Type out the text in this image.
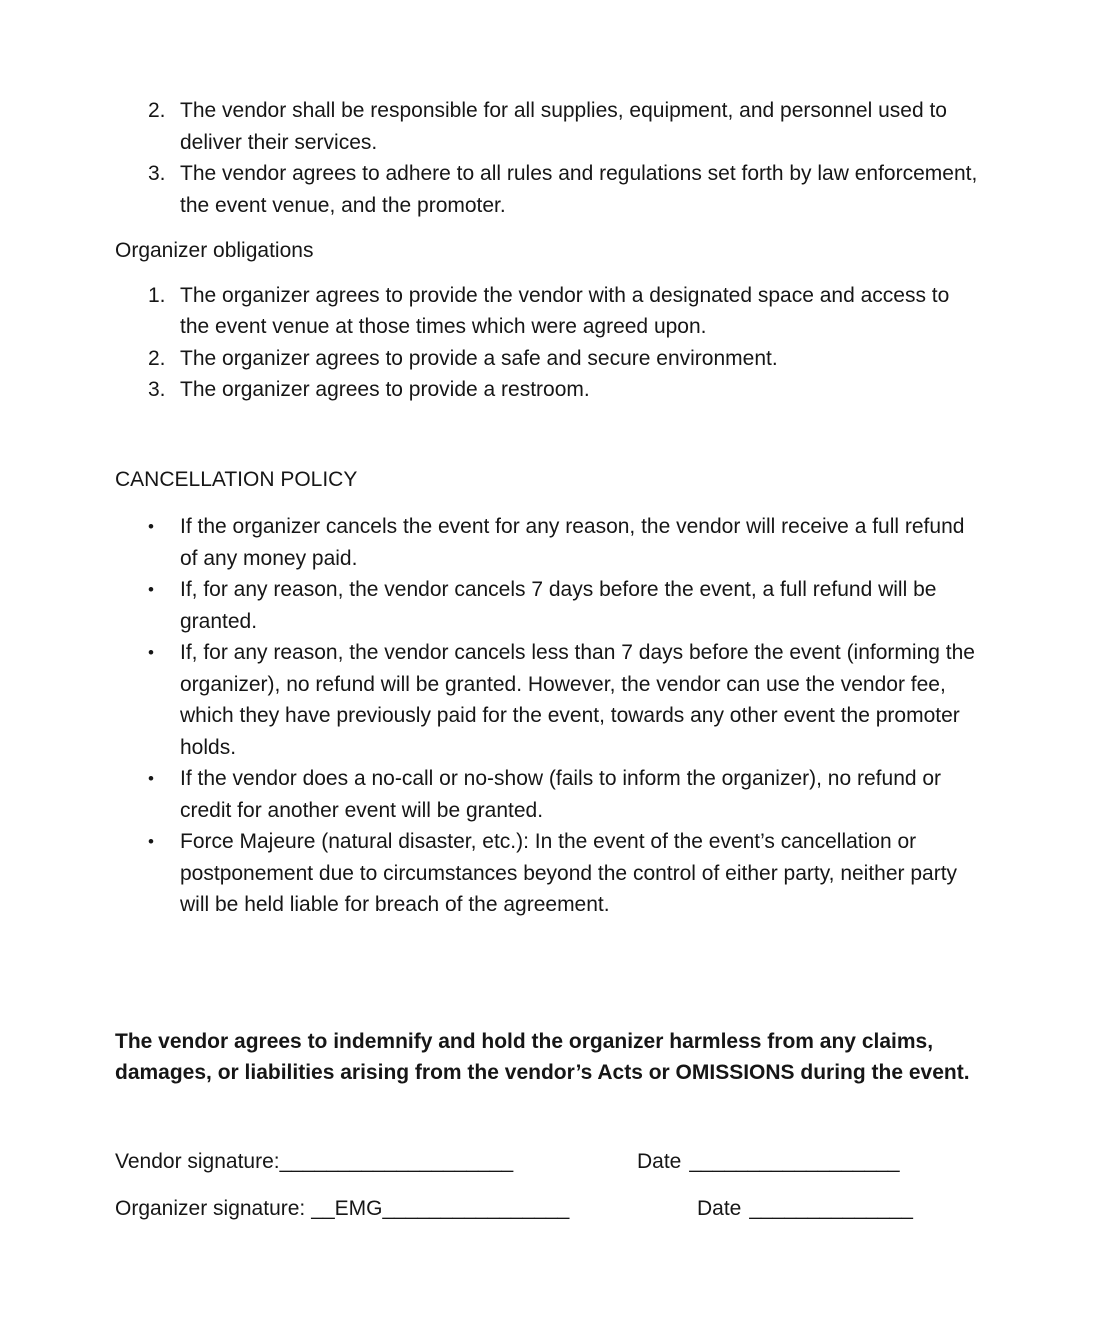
2. The vendor shall be responsible for all supplies, equipment, and personnel used to deliver their services.
3. The vendor agrees to adhere to all rules and regulations set forth by law enforcement, the event venue, and the promoter.

Organizer obligations

1. The organizer agrees to provide the vendor with a designated space and access to the event venue at those times which were agreed upon.
2. The organizer agrees to provide a safe and secure environment.
3. The organizer agrees to provide a restroom.

CANCELLATION POLICY

•	If the organizer cancels the event for any reason, the vendor will receive a full refund of any money paid.
•	If, for any reason, the vendor cancels 7 days before the event, a full refund will be granted.
•	If, for any reason, the vendor cancels less than 7 days before the event (informing the organizer), no refund will be granted. However, the vendor can use the vendor fee, which they have previously paid for the event, towards any other event the promoter holds.
•	If the vendor does a no-call or no-show (fails to inform the organizer), no refund or credit for another event will be granted.
•	Force Majeure (natural disaster, etc.): In the event of the event’s cancellation or postponement due to circumstances beyond the control of either party, neither party will be held liable for breach of the agreement.

The vendor agrees to indemnify and hold the organizer harmless from any claims, damages, or liabilities arising from the vendor’s Acts or OMISSIONS during the event.

Vendor signature:____________________	Date __________________
Organizer signature: __EMG________________	Date ______________
